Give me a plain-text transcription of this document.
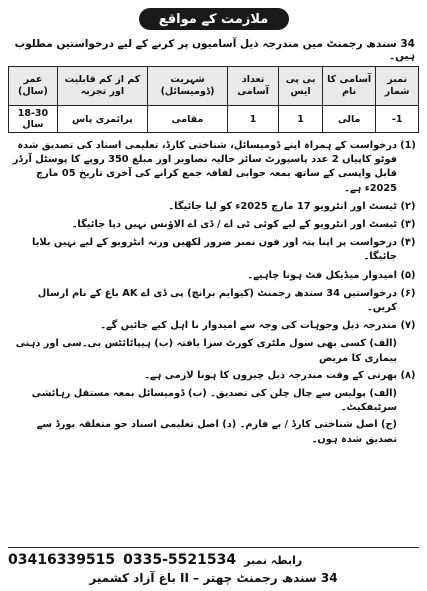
ملازمت کے مواقع
34 سندھ رجمنٹ میں مندرجہ ذیل آسامیوں پر کرنے کے لیے درخواستیں مطلوب ہیں۔
نمبر شمار	آسامی کا نام	بی پی ایس	تعداد آسامی	شہریت (ڈومیسائل)	کم از کم قابلیت اور تجربہ	عمر (سال)
1-	مالی	1	1	مقامی	پرائمری پاس	18-30 سال
(1)
درخواست کے ہمراہ اپنے ڈومیسائل، شناختی کارڈ، تعلیمی اسناد کی تصدیق شدہ فوٹو کاپیاں 2 عدد پاسپورٹ سائز حالیہ تصاویر اور مبلغ 350 روپے کا پوسٹل آرڈر قابل واپسی کے ساتھ بمعہ جوابی لفافہ جمع کرانے کی آخری تاریخ 05 مارچ 2025ء ہے۔
(۲)
ٹیسٹ اور انٹرویو 17 مارچ 2025ء کو لیا جائیگا۔
(۳)
ٹیسٹ اور انٹرویو کے لیے کوئی ٹی اے / ڈی اے الاؤنس نہیں دیا جائیگا۔
(۴)
درخواست پر اپنا پتہ اور فون نمبر ضرور لکھیں ورنہ انٹرویو کے لیے نہیں بلایا جائیگا۔
(۵)
امیدوار میڈیکل فٹ ہونا چاہیے۔
(۶)
درخواستیں 34 سندھ رجمنٹ (کیوایم برانچ) پی ڈی اے AK باغ کے نام ارسال کریں۔
(۷)
مندرجہ ذیل وجوہات کی وجہ سے امیدوار نا اہل کیے جائیں گے۔
(الف) کسی بھی سول ملٹری کورٹ سزا یافتہ (ب) ہیپاٹائٹس بی۔سی اور ذہنی بیماری کا مریض
(۸)
بھرتی کے وقت مندرجہ ذیل چیزوں کا ہونا لازمی ہے۔
(الف) پولیس سے چال چلن کی تصدیق۔ (ب) ڈومیسائل بمعہ مستقل رہائشی سرٹیفکیٹ۔
(ج) اصل شناختی کارڈ / بے فارم۔ (د) اصل تعلیمی اسناد جو متعلقہ بورڈ سے تصدیق شدہ ہوں۔
رابطہ نمبر
0335-5521534
03416339515
34 سندھ رجمنٹ چھتر – II باغ آزاد کشمیر
